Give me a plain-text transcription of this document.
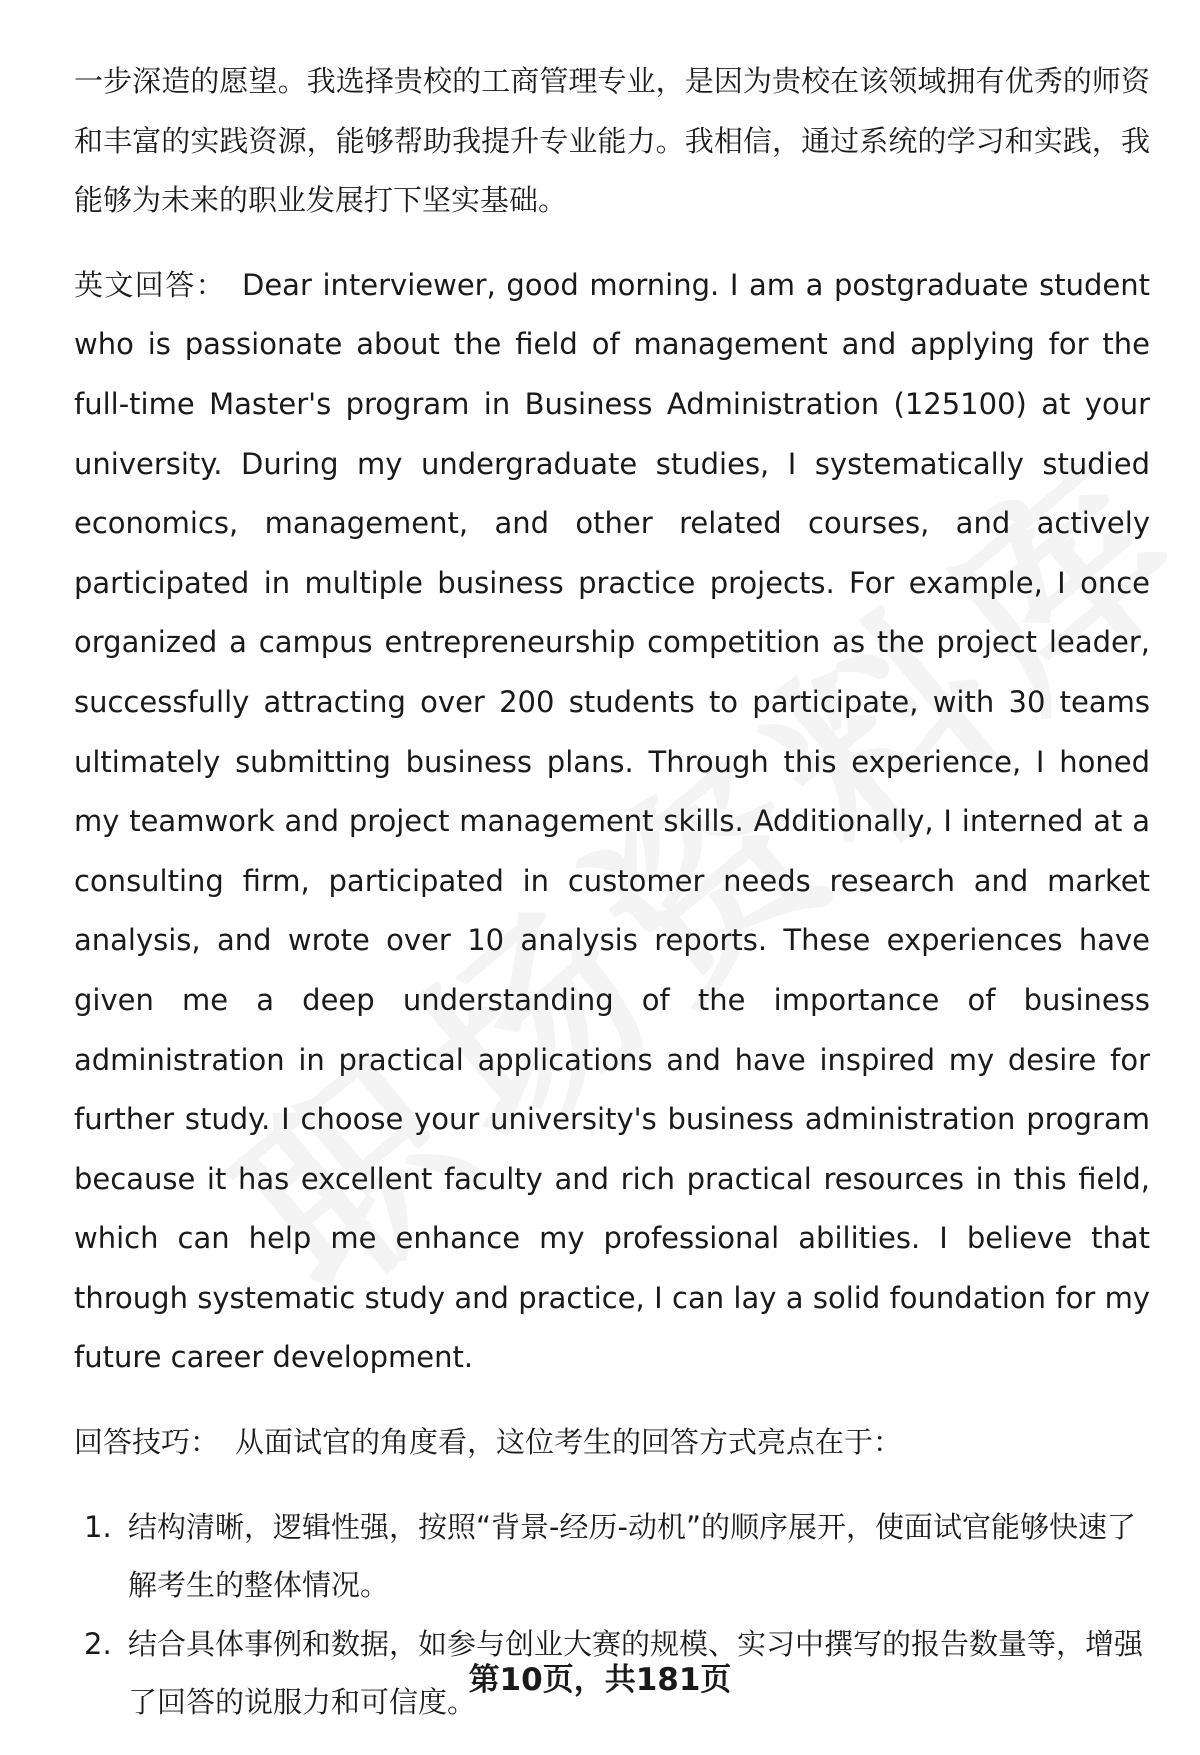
一步深造的愿望。我选择贵校的工商管理专业，是因为贵校在该领域拥有优秀的师资和丰富的实践资源，能够帮助我提升专业能力。我相信，通过系统的学习和实践，我能够为未来的职业发展打下坚实基础。

英文回答： Dear interviewer, good morning. I am a postgraduate student who is passionate about the field of management and applying for the full-time Master's program in Business Administration (125100) at your university. During my undergraduate studies, I systematically studied economics, management, and other related courses, and actively participated in multiple business practice projects. For example, I once organized a campus entrepreneurship competition as the project leader, successfully attracting over 200 students to participate, with 30 teams ultimately submitting business plans. Through this experience, I honed my teamwork and project management skills. Additionally, I interned at a consulting firm, participated in customer needs research and market analysis, and wrote over 10 analysis reports. These experiences have given me a deep understanding of the importance of business administration in practical applications and have inspired my desire for further study. I choose your university's business administration program because it has excellent faculty and rich practical resources in this field, which can help me enhance my professional abilities. I believe that through systematic study and practice, I can lay a solid foundation for my future career development.

回答技巧： 从面试官的角度看，这位考生的回答方式亮点在于：

1. 结构清晰，逻辑性强，按照“背景-经历-动机”的顺序展开，使面试官能够快速了解考生的整体情况。
2. 结合具体事例和数据，如参与创业大赛的规模、实习中撰写的报告数量等，增强了回答的说服力和可信度。
第10页，共181页
